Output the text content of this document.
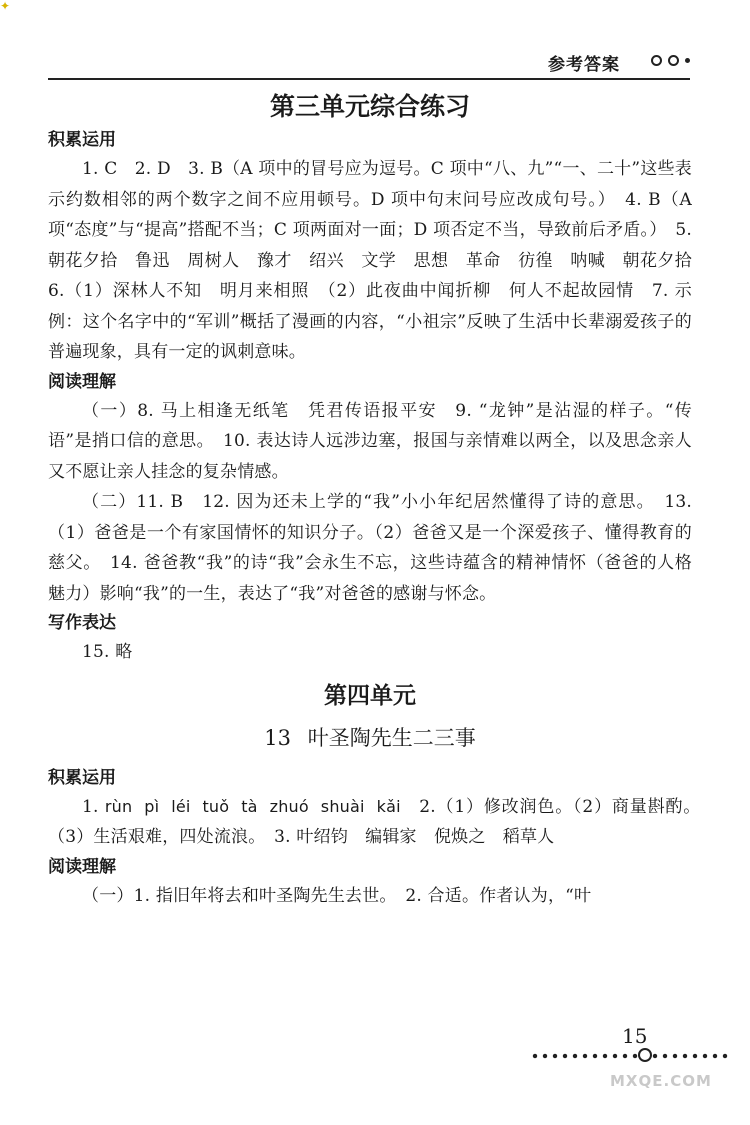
✦
参考答案
第三单元综合练习

积累运用

1. C　2. D　3. B（A 项中的冒号应为逗号。C 项中“八、九”“一、二十”这些表示约数相邻的两个数字之间不应用顿号。D 项中句末问号应改成句号。）　4. B（A 项“态度”与“提高”搭配不当；C 项两面对一面；D 项否定不当，导致前后矛盾。）　5. 朝花夕拾　鲁迅　周树人　豫才　绍兴　文学　思想　革命　彷徨　呐喊　朝花夕拾　6.（1）深林人不知　明月来相照　（2）此夜曲中闻折柳　何人不起故园情　7. 示例：这个名字中的“军训”概括了漫画的内容，“小祖宗”反映了生活中长辈溺爱孩子的普遍现象，具有一定的讽刺意味。

阅读理解

（一）8. 马上相逢无纸笔　凭君传语报平安　9. “龙钟”是沾湿的样子。“传语”是捎口信的意思。　10. 表达诗人远涉边塞，报国与亲情难以两全，以及思念亲人又不愿让亲人挂念的复杂情感。

（二）11. B　12. 因为还未上学的“我”小小年纪居然懂得了诗的意思。　13.（1）爸爸是一个有家国情怀的知识分子。（2）爸爸又是一个深爱孩子、懂得教育的慈父。　14. 爸爸教“我”的诗“我”会永生不忘，这些诗蕴含的精神情怀（爸爸的人格魅力）影响“我”的一生，表达了“我”对爸爸的感谢与怀念。

写作表达

15. 略

第四单元
13 叶圣陶先生二三事

积累运用

1. rùn pì léi tuǒ tà zhuó shuài kǎi　 2.（1）修改润色。（2）商量斟酌。　（3）生活艰难，四处流浪。　3. 叶绍钧　编辑家　倪焕之　稻草人

阅读理解

（一）1. 指旧年将去和叶圣陶先生去世。　2. 合适。作者认为，“叶

15
MXQE.COM
